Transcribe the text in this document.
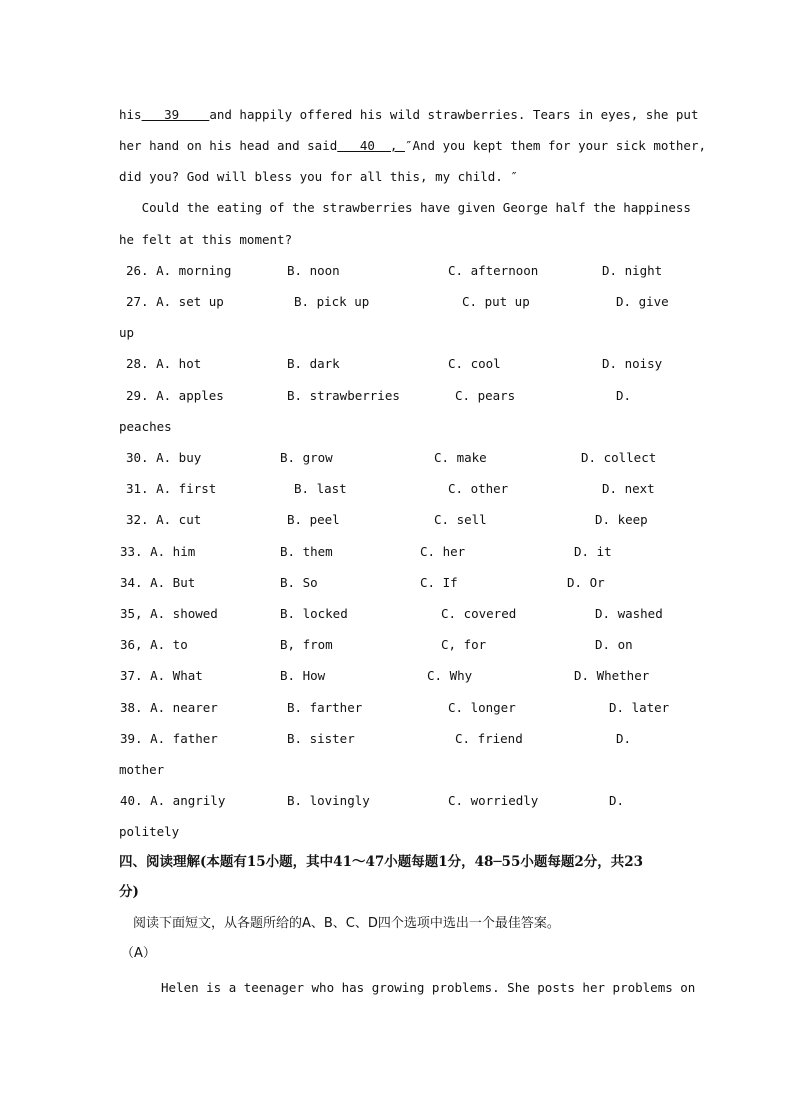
his   39    and happily offered his wild strawberries. Tears in eyes, she put
her hand on his head and said   40  , ″And you kept them for your sick mother,
did you? God will bless you for all this, my child. ″
Could the eating of the strawberries have given George half the happiness
he felt at this moment?
26. A. morning	B. noon	C. afternoon	D. night
27. A. set up	B. pick up	C. put up	D. give
up
28. A. hot	B. dark	C. cool	D. noisy
29. A. apples	B. strawberries	C. pears	D.
peaches
30. A. buy	B. grow	C. make	D. collect
31. A. first	B. last	C. other	D. next
32. A. cut	B. peel	C. sell	D. keep
33. A. him	B. them	C. her	D. it
34. A. But	B. So	C. If	D. Or
35, A. showed	B. locked	C. covered	D. washed
36, A. to	B, from	C, for	D. on
37. A. What	B. How	C. Why	D. Whether
38. A. nearer	B. farther	C. longer	D. later
39. A. father	B. sister	C. friend	D.
mother
40. A. angrily	B. lovingly	C. worriedly	D.
politely
四、阅读理解(本题有15小题，其中41～47小题每题1分，48─55小题每题2分，共23
分)
阅读下面短文，从各题所给的A、B、C、D四个选项中选出一个最佳答案。
（A）
Helen is a teenager who has growing problems. She posts her problems on
